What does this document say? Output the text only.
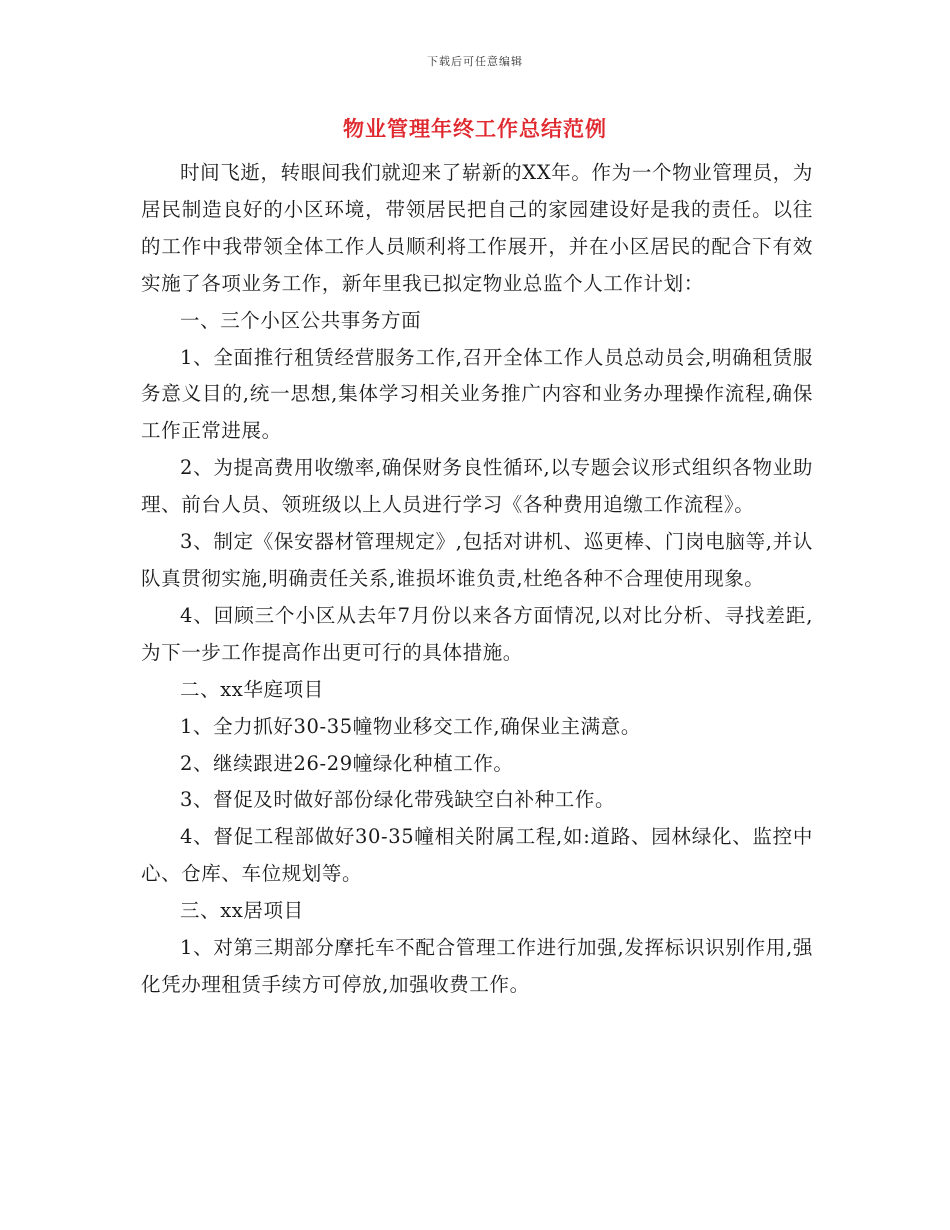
下载后可任意编辑
物业管理年终工作总结范例

时间飞逝，转眼间我们就迎来了崭新的XX年。作为一个物业管理员，为居民制造良好的小区环境，带领居民把自己的家园建设好是我的责任。以往的工作中我带领全体工作人员顺利将工作展开，并在小区居民的配合下有效实施了各项业务工作，新年里我已拟定物业总监个人工作计划：

一、三个小区公共事务方面

1、全面推行租赁经营服务工作,召开全体工作人员总动员会,明确租赁服务意义目的,统一思想,集体学习相关业务推广内容和业务办理操作流程,确保工作正常进展。

2、为提高费用收缴率,确保财务良性循环,以专题会议形式组织各物业助理、前台人员、领班级以上人员进行学习《各种费用追缴工作流程》。

3、制定《保安器材管理规定》,包括对讲机、巡更棒、门岗电脑等,并认队真贯彻实施,明确责任关系,谁损坏谁负责,杜绝各种不合理使用现象。

4、回顾三个小区从去年7月份以来各方面情况,以对比分析、寻找差距,为下一步工作提高作出更可行的具体措施。

二、xx华庭项目

1、全力抓好30-35幢物业移交工作,确保业主满意。

2、继续跟进26-29幢绿化种植工作。

3、督促及时做好部份绿化带残缺空白补种工作。

4、督促工程部做好30-35幢相关附属工程,如:道路、园林绿化、监控中心、仓库、车位规划等。

三、xx居项目

1、对第三期部分摩托车不配合管理工作进行加强,发挥标识识别作用,强化凭办理租赁手续方可停放,加强收费工作。
